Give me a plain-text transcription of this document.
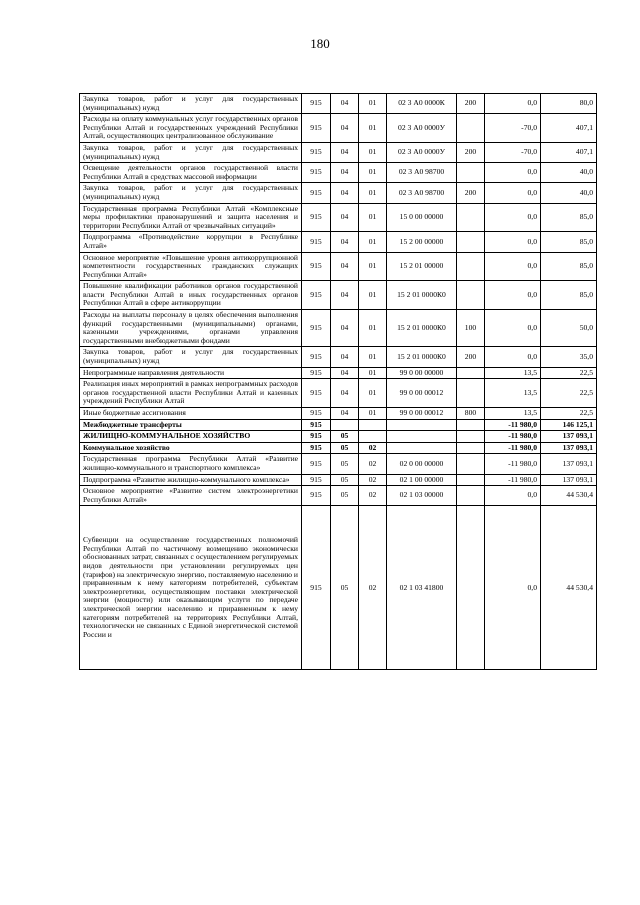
180
Закупка товаров, работ и услуг для государственных (муниципальных) нужд	915	04	01	02 3 А0 0000К	200	0,0	80,0
Расходы на оплату коммунальных услуг государственных органов Республики Алтай и государственных учреждений Республики Алтай, осуществляющих централизованное обслуживание	915	04	01	02 3 А0 0000У		-70,0	407,1
Закупка товаров, работ и услуг для государственных (муниципальных) нужд	915	04	01	02 3 А0 0000У	200	-70,0	407,1
Освещение деятельности органов государственной власти Республики Алтай в средствах массовой информации	915	04	01	02 3 А0 98700		0,0	40,0
Закупка товаров, работ и услуг для государственных (муниципальных) нужд	915	04	01	02 3 А0 98700	200	0,0	40,0
Государственная программа Республики Алтай «Комплексные меры профилактики правонарушений и защита населения и территории Республики Алтай от чрезвычайных ситуаций»	915	04	01	15 0 00 00000		0,0	85,0
Подпрограмма «Противодействие коррупции в Республике Алтай»	915	04	01	15 2 00 00000		0,0	85,0
Основное мероприятие «Повышение уровня антикоррупционной компетентности государственных гражданских служащих Республики Алтай»	915	04	01	15 2 01 00000		0,0	85,0
Повышение квалификации работников органов государственной власти Республики Алтай в иных государственных органов Республики Алтай в сфере антикоррупции	915	04	01	15 2 01 0000К0		0,0	85,0
Расходы на выплаты персоналу в целях обеспечения выполнения функций государственными (муниципальными) органами, казенными учреждениями, органами управления государственными внебюджетными фондами	915	04	01	15 2 01 0000К0	100	0,0	50,0
Закупка товаров, работ и услуг для государственных (муниципальных) нужд	915	04	01	15 2 01 0000К0	200	0,0	35,0
Непрограммные направления деятельности	915	04	01	99 0 00 00000		13,5	22,5
Реализация иных мероприятий в рамках непрограммных расходов органов государственной власти Республики Алтай и казенных учреждений Республики Алтай	915	04	01	99 0 00 00012		13,5	22,5
Иные бюджетные ассигнования	915	04	01	99 0 00 00012	800	13,5	22,5
Межбюджетные трансферты	915					-11 980,0	146 125,1
ЖИЛИЩНО-КОММУНАЛЬНОЕ ХОЗЯЙСТВО	915	05				-11 980,0	137 093,1
Коммунальное хозяйство	915	05	02			-11 980,0	137 093,1
Государственная программа Республики Алтай «Развитие жилищно-коммунального и транспортного комплекса»	915	05	02	02 0 00 00000		-11 980,0	137 093,1
Подпрограмма «Развитие жилищно-коммунального комплекса»	915	05	02	02 1 00 00000		-11 980,0	137 093,1
Основное мероприятие «Развитие систем электроэнергетики Республики Алтай»	915	05	02	02 1 03 00000		0,0	44 530,4
Субвенции на осуществление государственных полномочий Республики Алтай по частичному возмещению экономически обоснованных затрат, связанных с осуществлением регулируемых видов деятельности при установлении регулируемых цен (тарифов) на электрическую энергию, поставляемую населению и приравненным к нему категориям потребителей, субъектам электроэнергетики, осуществляющим поставки электрической энергии (мощности) или оказывающим услуги по передаче электрической энергии населению и приравненным к нему категориям потребителей на территориях Республики Алтай, технологически не связанных с Единой энергетической системой России и	915	05	02	02 1 03 41800		0,0	44 530,4
